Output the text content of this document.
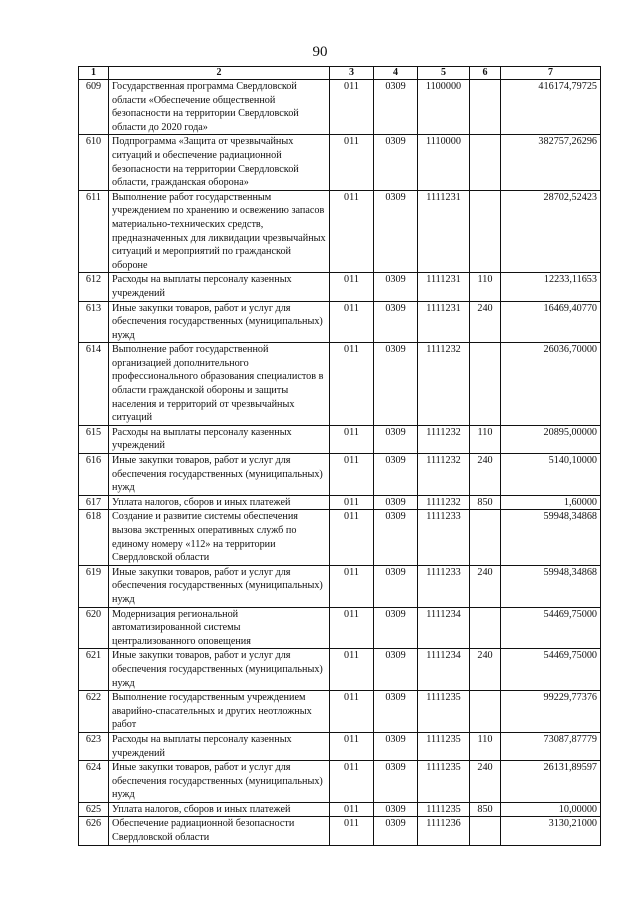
90
1	2	3	4	5	6	7
609	Государственная программа Свердловской области «Обеспечение общественной безопасности на территории Свердловской области до 2020 года»	011	0309	1100000		416174,79725
610	Подпрограмма «Защита от чрезвычайных ситуаций и обеспечение радиационной безопасности на территории Свердловской области, гражданская оборона»	011	0309	1110000		382757,26296
611	Выполнение работ государственным учреждением по хранению и освежению запасов материально-технических средств, предназначенных для ликвидации чрезвычайных ситуаций и мероприятий по гражданской обороне	011	0309	1111231		28702,52423
612	Расходы на выплаты персоналу казенных учреждений	011	0309	1111231	110	12233,11653
613	Иные закупки товаров, работ и услуг для обеспечения государственных (муниципальных) нужд	011	0309	1111231	240	16469,40770
614	Выполнение работ государственной организацией дополнительного профессионального образования специалистов в области гражданской обороны и защиты населения и территорий от чрезвычайных ситуаций	011	0309	1111232		26036,70000
615	Расходы на выплаты персоналу казенных учреждений	011	0309	1111232	110	20895,00000
616	Иные закупки товаров, работ и услуг для обеспечения государственных (муниципальных) нужд	011	0309	1111232	240	5140,10000
617	Уплата налогов, сборов и иных платежей	011	0309	1111232	850	1,60000
618	Создание и развитие системы обеспечения вызова экстренных оперативных служб по единому номеру «112» на территории Свердловской области	011	0309	1111233		59948,34868
619	Иные закупки товаров, работ и услуг для обеспечения государственных (муниципальных) нужд	011	0309	1111233	240	59948,34868
620	Модернизация региональной автоматизированной системы централизованного оповещения	011	0309	1111234		54469,75000
621	Иные закупки товаров, работ и услуг для обеспечения государственных (муниципальных) нужд	011	0309	1111234	240	54469,75000
622	Выполнение государственным учреждением аварийно-спасательных и других неотложных работ	011	0309	1111235		99229,77376
623	Расходы на выплаты персоналу казенных учреждений	011	0309	1111235	110	73087,87779
624	Иные закупки товаров, работ и услуг для обеспечения государственных (муниципальных) нужд	011	0309	1111235	240	26131,89597
625	Уплата налогов, сборов и иных платежей	011	0309	1111235	850	10,00000
626	Обеспечение радиационной безопасности Свердловской области	011	0309	1111236		3130,21000
